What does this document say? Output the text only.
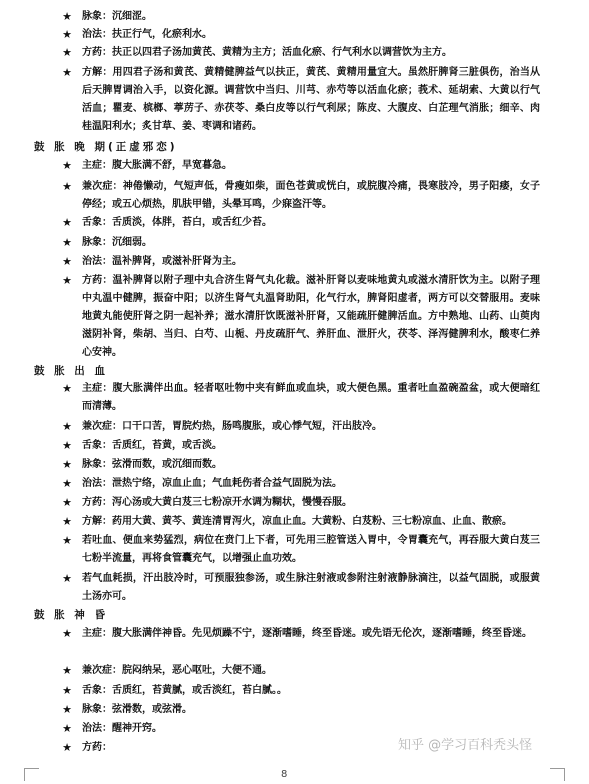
★ 脉象：沉细涩。
★ 治法：扶正行气，化瘀利水。
★ 方药：扶正以四君子汤加黄芪、黄精为主方；活血化瘀、行气利水以调营饮为主方。
★ 方解：用四君子汤和黄芪、黄精健脾益气以扶正，黄芪、黄精用量宜大。虽然肝脾肾三脏俱伤，治当从后天脾胃调治入手，以资化源。调营饮中当归、川芎、赤芍等以活血化瘀；莪术、延胡索、大黄以行气活血；瞿麦、槟榔、葶苈子、赤茯苓、桑白皮等以行气利尿；陈皮、大腹皮、白芷理气消胀；细辛、肉桂温阳利水；炙甘草、姜、枣调和诸药。
鼓 胀 晚 期(正虚邪恋)
★ 主症：腹大胀满不舒，早宽暮急。
★ 兼次症：神倦懒动，气短声低，骨瘦如柴，面色苍黄或恍白，或脘腹冷痛，畏寒肢冷，男子阳痿，女子停经；或五心烦热，肌肤甲错，头晕耳鸣，少寐盗汗等。
★ 舌象：舌质淡，体胖，苔白，或舌红少苔。
★ 脉象：沉细弱。
★ 治法：温补脾肾，或滋补肝肾为主。
★ 方药：温补脾肾以附子理中丸合济生肾气丸化裁。滋补肝肾以麦味地黄丸或滋水清肝饮为主。以附子理中丸温中健脾，振奋中阳；以济生肾气丸温肾助阳，化气行水，脾肾阳虚者，两方可以交替服用。麦味地黄丸能使肝肾之阴一起补养；滋水清肝饮既滋补肝肾，又能疏肝健脾活血。方中熟地、山药、山萸肉滋阴补肾，柴胡、当归、白芍、山栀、丹皮疏肝气、养肝血、泄肝火，茯苓、泽泻健脾利水，酸枣仁养心安神。
鼓 胀 出 血
★ 主症：腹大胀满伴出血。轻者呕吐物中夹有鲜血或血块，或大便色黑。重者吐血盈碗盈盆，或大便暗红而清薄。
★ 兼次症：口干口苦，胃脘灼热，肠鸣腹胀，或心悸气短，汗出肢冷。
★ 舌象：舌质红，苔黄，或舌淡。
★ 脉象：弦滑而数，或沉细而数。
★ 治法：泄热宁络，凉血止血；气血耗伤者合益气固脱为法。
★ 方药：泻心汤或大黄白芨三七粉凉开水调为糊状，慢慢吞服。
★ 方解：药用大黄、黄芩、黄连清胃泻火，凉血止血。大黄粉、白芨粉、三七粉凉血、止血、散瘀。
★ 若吐血、便血来势猛烈，病位在贲门上下者，可先用三腔管送入胃中，令胃囊充气，再吞服大黄白芨三七粉半流量，再将食管囊充气，以增强止血功效。
★ 若气血耗损，汗出肢冷时，可预服独参汤，或生脉注射液或参附注射液静脉滴注，以益气固脱，或服黄土汤亦可。
鼓 胀 神 昏
★ 主症：腹大胀满伴神昏。先见烦躁不宁，逐渐嗜睡，终至昏迷。或先语无伦次，逐渐嗜睡，终至昏迷。
★ 兼次症：脘闷纳呆，恶心呕吐，大便不通。
★ 舌象：舌质红，苔黄腻，或舌淡红，苔白腻。。
★ 脉象：弦滑数，或弦滑。
★ 治法：醒神开窍。
★ 方药：	知乎 @学习百科秃头怪
8
